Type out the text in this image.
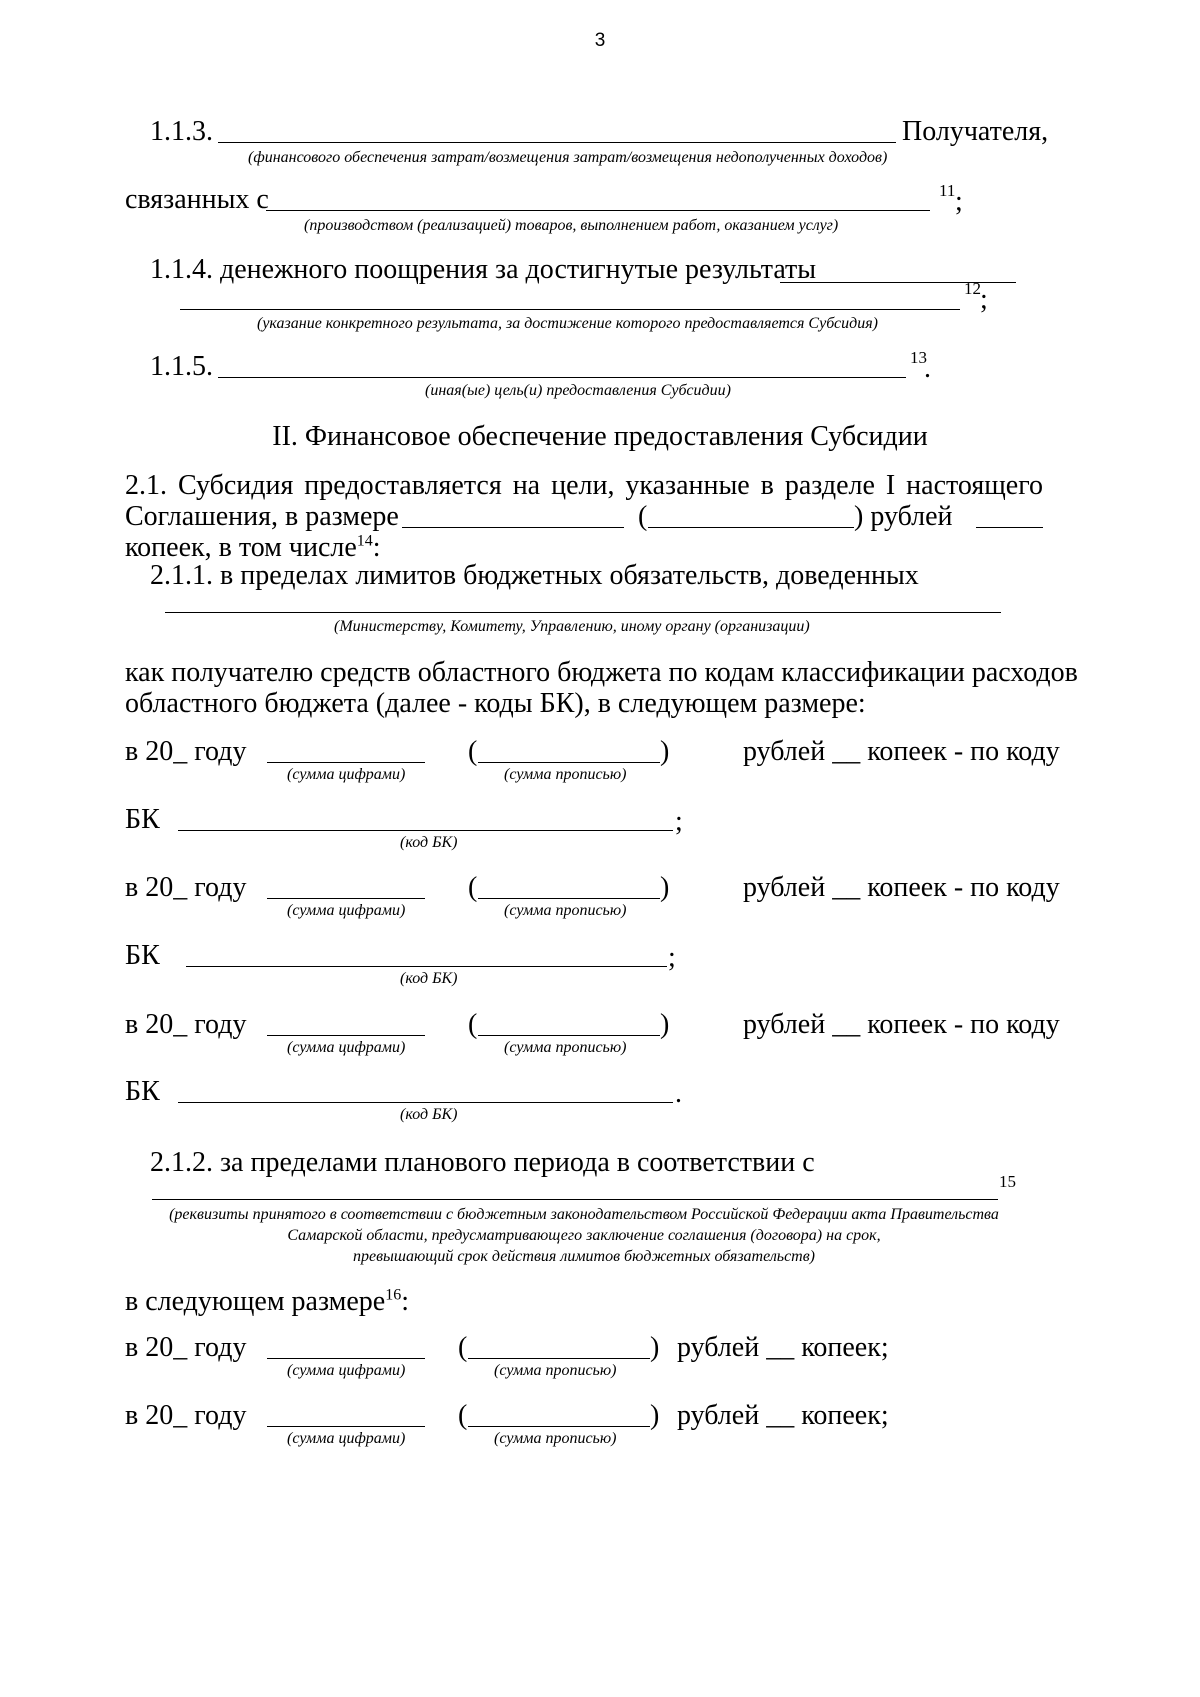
3
1.1.3.	Получателя,
(финансового обеспечения затрат/возмещения затрат/возмещения недополученных доходов)
связанных с	11 ;
(производством (реализацией) товаров, выполнением работ, оказанием услуг)
1.1.4. денежного поощрения за достигнутые результаты
12 ;
(указание конкретного результата, за достижение которого предоставляется Субсидия)
1.1.5.	13
.
(иная(ые) цель(и) предоставления Субсидии)
II. Финансовое обеспечение предоставления Субсидии
2.1. Субсидия предоставляется на цели, указанные в разделе I настоящего
Соглашения, в размере	(	) рублей
копеек, в том числе$^{14}$:
2.1.1. в пределах лимитов бюджетных обязательств, доведенных
(Министерству, Комитету, Управлению, иному органу (организации)
как получателю средств областного бюджета по кодам классификации расходов
областного бюджета (далее - коды БК), в следующем размере:
в 20_ году
(сумма цифрами)
(	)
(сумма прописью)
рублей __ копеек - по коду
БК	;
(код БК)
в 20_ году
(сумма цифрами)
(	)
(сумма прописью)
рублей __ копеек - по коду
БК	;
(код БК)
в 20_ году
(сумма цифрами)
(	)
(сумма прописью)
рублей __ копеек - по коду
БК	.
(код БК)
2.1.2. за пределами планового периода в соответствии с
15
(реквизиты принятого в соответствии с бюджетным законодательством Российской Федерации акта Правительства
Самарской области, предусматривающего заключение соглашения (договора) на срок,
превышающий срок действия лимитов бюджетных обязательств)
в следующем размере$^{16}$:
в 20_ году
(сумма цифрами)
(	)
(сумма прописью)
рублей __ копеек;
в 20_ году
(сумма цифрами)
(	)
(сумма прописью)
рублей __ копеек;
